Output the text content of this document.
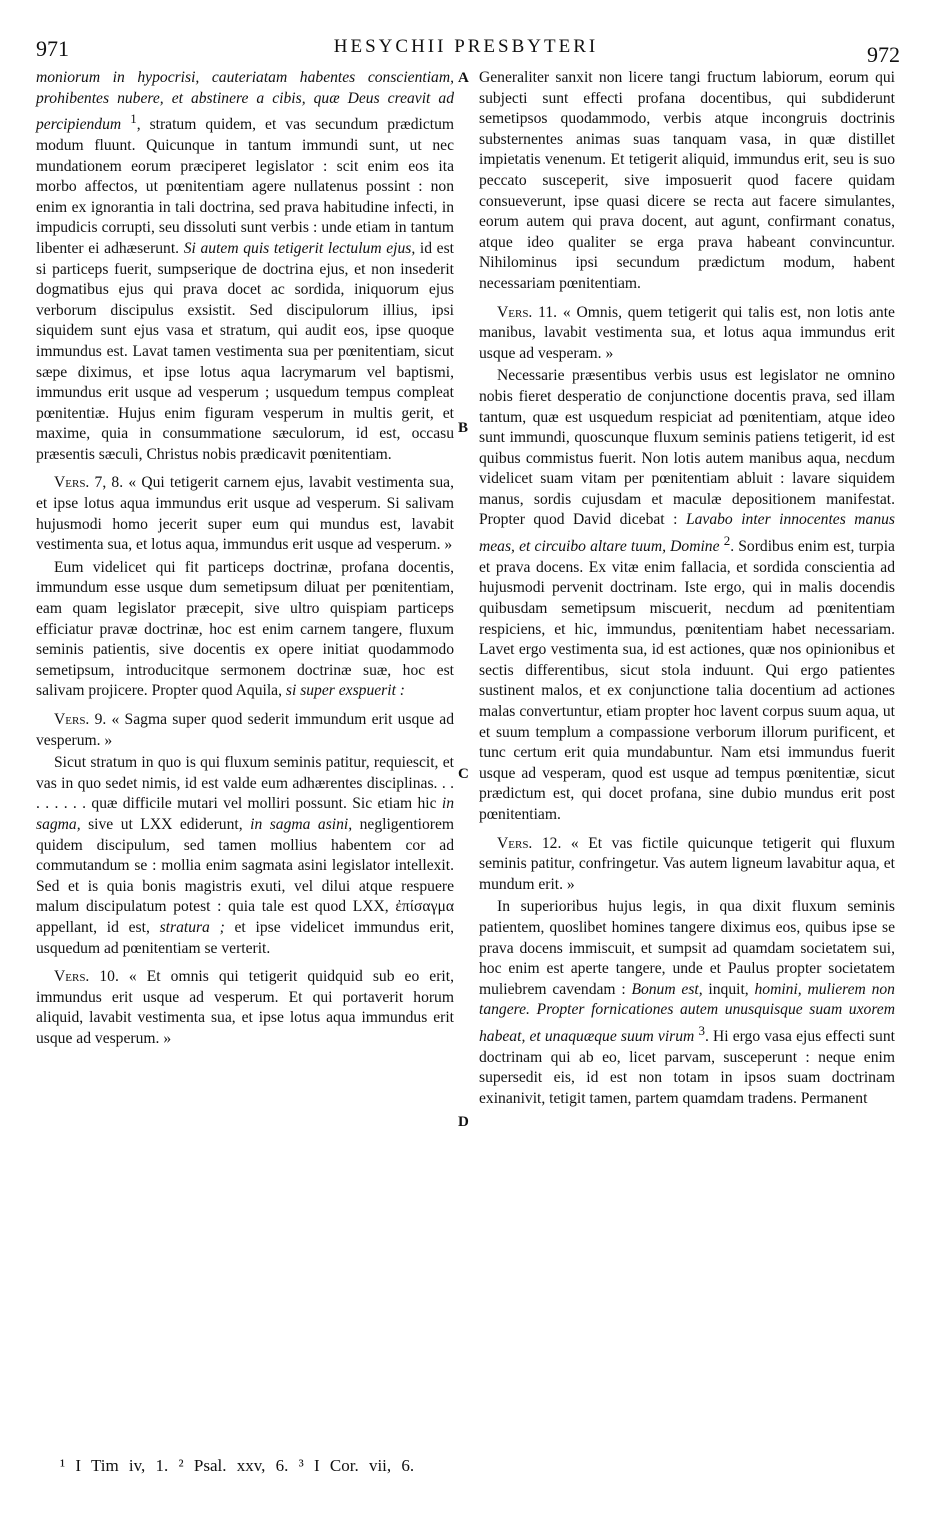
971	HESYCHII PRESBYTERI	972
A
B
C
D

moniorum in hypocrisi, cauteriatam habentes conscientiam, prohibentes nubere, et abstinere a cibis, quæ Deus creavit ad percipiendum $^1$, stratum quidem, et vas secundum prædictum modum fluunt. Quicunque in tantum immundi sunt, ut nec mundationem eorum præciperet legislator : scit enim eos ita morbo affectos, ut pœnitentiam agere nullatenus possint : non enim ex ignorantia in tali doctrina, sed prava habitudine infecti, in impudicis corrupti, seu dissoluti sunt verbis : unde etiam in tantum libenter ei adhæserunt. Si autem quis tetigerit lectulum ejus, id est si particeps fuerit, sumpserique de doctrina ejus, et non insederit dogmatibus ejus qui prava docet ac sordida, iniquorum ejus verborum discipulus exsistit. Sed discipulorum illius, ipsi siquidem sunt ejus vasa et stratum, qui audit eos, ipse quoque immundus est. Lavat tamen vestimenta sua per pœnitentiam, sicut sæpe diximus, et ipse lotus aqua lacrymarum vel baptismi, immundus erit usque ad vesperum ; usquedum tempus compleat pœnitentiæ. Hujus enim figuram vesperum in multis gerit, et maxime, quia in consummatione sæculorum, id est, occasu præsentis sæculi, Christus nobis prædicavit pœnitentiam.

Vers. 7, 8. « Qui tetigerit carnem ejus, lavabit vestimenta sua, et ipse lotus aqua immundus erit usque ad vesperum. Si salivam hujusmodi homo jecerit super eum qui mundus est, lavabit vestimenta sua, et lotus aqua, immundus erit usque ad vesperum. »

Eum videlicet qui fit particeps doctrinæ, profana docentis, immundum esse usque dum semetipsum diluat per pœnitentiam, eam quam legislator præcepit, sive ultro quispiam particeps efficiatur pravæ doctrinæ, hoc est enim carnem tangere, fluxum seminis patientis, sive docentis ex opere initiat quodammodo semetipsum, introducitque sermonem doctrinæ suæ, hoc est salivam projicere. Propter quod Aquila, si super exspuerit :

Vers. 9. « Sagma super quod sederit immundum erit usque ad vesperum. »

Sicut stratum in quo is qui fluxum seminis patitur, requiescit, et vas in quo sedet nimis, id est valde eum adhærentes disciplinas. . . . . . . . . quæ difficile mutari vel molliri possunt. Sic etiam hic in sagma, sive ut LXX ediderunt, in sagma asini, negligentiorem quidem discipulum, sed tamen mollius habentem cor ad commutandum se : mollia enim sagmata asini legislator intellexit. Sed et is quia bonis magistris exuti, vel dilui atque respuere malum discipulatum potest : quia tale est quod LXX, ἐπίσαγμα appellant, id est, stratura ; et ipse videlicet immundus erit, usquedum ad pœnitentiam se verterit.

Vers. 10. « Et omnis qui tetigerit quidquid sub eo erit, immundus erit usque ad vesperum. Et qui portaverit horum aliquid, lavabit vestimenta sua, et ipse lotus aqua immundus erit usque ad vesperum. »

Generaliter sanxit non licere tangi fructum labiorum, eorum qui subjecti sunt effecti profana docentibus, qui subdiderunt semetipsos quodammodo, verbis atque incongruis doctrinis substernentes animas suas tanquam vasa, in quæ distillet impietatis venenum. Et tetigerit aliquid, immundus erit, seu is suo peccato susceperit, sive imposuerit quod facere quidam consueverunt, ipse quasi dicere se recta aut facere simulantes, eorum autem qui prava docent, aut agunt, confirmant conatus, atque ideo qualiter se erga prava habeant convincuntur. Nihilominus ipsi secundum prædictum modum, habent necessariam pœnitentiam.

Vers. 11. « Omnis, quem tetigerit qui talis est, non lotis ante manibus, lavabit vestimenta sua, et lotus aqua immundus erit usque ad vesperam. »

Necessarie præsentibus verbis usus est legislator ne omnino nobis fieret desperatio de conjunctione docentis prava, sed illam tantum, quæ est usquedum respiciat ad pœnitentiam, atque ideo sunt immundi, quoscunque fluxum seminis patiens tetigerit, id est quibus commistus fuerit. Non lotis autem manibus aqua, necdum videlicet suam vitam per pœnitentiam abluit : lavare siquidem manus, sordis cujusdam et maculæ depositionem manifestat. Propter quod David dicebat : Lavabo inter innocentes manus meas, et circuibo altare tuum, Domine $^2$. Sordibus enim est, turpia et prava docens. Ex vitæ enim fallacia, et sordida conscientia ad hujusmodi pervenit doctrinam. Iste ergo, qui in malis docendis quibusdam semetipsum miscuerit, necdum ad pœnitentiam respiciens, et hic, immundus, pœnitentiam habet necessariam. Lavet ergo vestimenta sua, id est actiones, quæ nos opinionibus et sectis differentibus, sicut stola induunt. Qui ergo patientes sustinent malos, et ex conjunctione talia docentium ad actiones malas convertuntur, etiam propter hoc lavent corpus suum aqua, ut et suum templum a compassione verborum illorum purificent, et tunc certum erit quia mundabuntur. Nam etsi immundus fuerit usque ad vesperam, quod est usque ad tempus pœnitentiæ, sicut prædictum est, qui docet profana, sine dubio mundus erit post pœnitentiam.

Vers. 12. « Et vas fictile quicunque tetigerit qui fluxum seminis patitur, confringetur. Vas autem ligneum lavabitur aqua, et mundum erit. »

In superioribus hujus legis, in qua dixit fluxum seminis patientem, quoslibet homines tangere diximus eos, quibus ipse se prava docens immiscuit, et sumpsit ad quamdam societatem sui, hoc enim est aperte tangere, unde et Paulus propter societatem muliebrem cavendam : Bonum est, inquit, homini, mulierem non tangere. Propter fornicationes autem unusquisque suam uxorem habeat, et unaquæque suum virum $^3$. Hi ergo vasa ejus effecti sunt doctrinam qui ab eo, licet parvam, susceperunt : neque enim supersedit eis, id est non totam in ipsos suam doctrinam exinanivit, tetigit tamen, partem quamdam tradens. Permanent

¹ I Tim iv, 1. ² Psal. xxv, 6. ³ I Cor. vii, 6.
